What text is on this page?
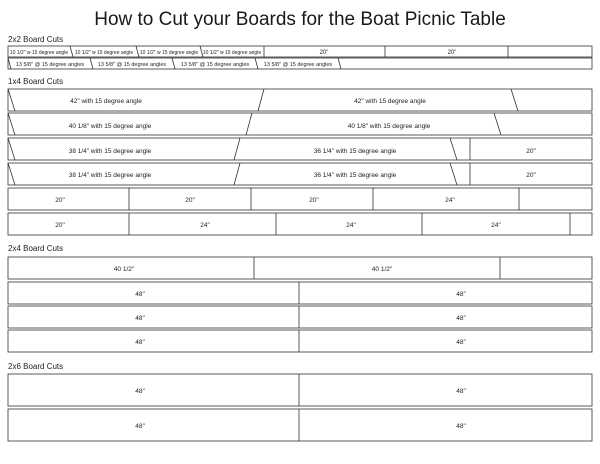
How to Cut your Boards for the Boat Picnic Table
2x2 Board Cuts
1x4 Board Cuts
2x4 Board Cuts
2x6 Board Cuts
10 1/2" w 15 degree angle 10 1/2" w 15 degree angle 10 1/2" w 15 degree angle 10 1/2" w 15 degree angle	20"	20"
13 5/8" @ 15 degree angles 13 5/8" @ 15 degree angles	13 5/8" @ 15 degree angles	13 5/8" @ 15 degree angles
42" with 15 degree angle	42" with 15 degree angle
40 1/8" with 15 degree angle	40 1/8" with 15 degree angle
38 1/4" with 15 degree angle	36 1/4" with 15 degree angle	20"
38 1/4" with 15 degree angle	36 1/4" with 15 degree angle	20"
20"	20"	20"	24"
20"	24"	24"	24"
40 1/2"	40 1/2"
48"	48"
48"	48"
48"	48"
48"	48"
48"	48"
